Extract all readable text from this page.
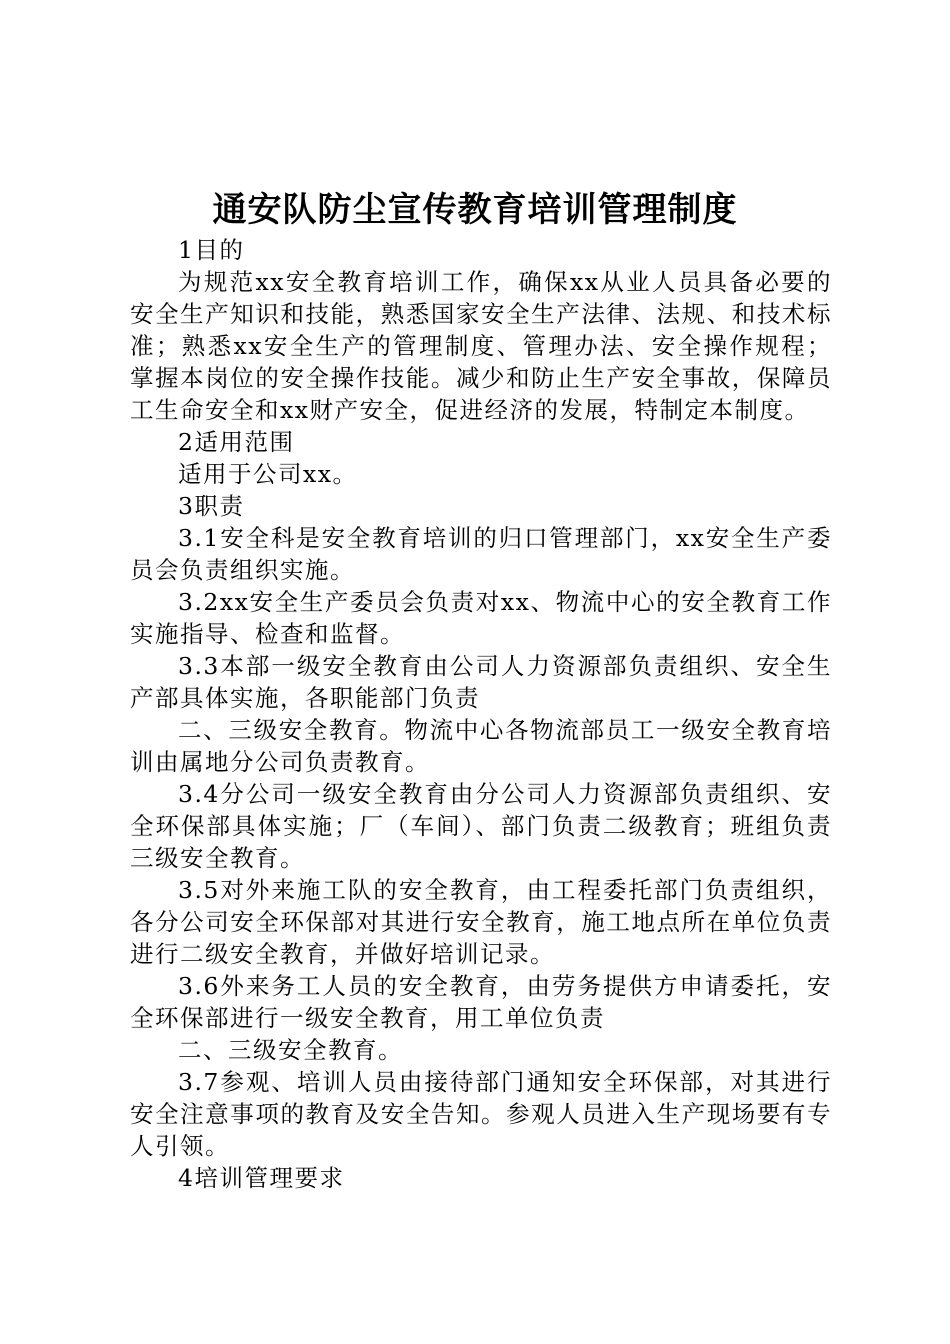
通安队防尘宣传教育培训管理制度

1目的

为规范xx安全教育培训工作，确保xx从业人员具备必要的安全生产知识和技能，熟悉国家安全生产法律、法规、和技术标准；熟悉xx安全生产的管理制度、管理办法、安全操作规程；掌握本岗位的安全操作技能。减少和防止生产安全事故，保障员工生命安全和xx财产安全，促进经济的发展，特制定本制度。

2适用范围

适用于公司xx。

3职责

3.1安全科是安全教育培训的归口管理部门，xx安全生产委员会负责组织实施。

3.2xx安全生产委员会负责对xx、物流中心的安全教育工作实施指导、检查和监督。

3.3本部一级安全教育由公司人力资源部负责组织、安全生产部具体实施，各职能部门负责

二、三级安全教育。物流中心各物流部员工一级安全教育培训由属地分公司负责教育。

3.4分公司一级安全教育由分公司人力资源部负责组织、安全环保部具体实施；厂（车间）、部门负责二级教育；班组负责三级安全教育。

3.5对外来施工队的安全教育，由工程委托部门负责组织，各分公司安全环保部对其进行安全教育，施工地点所在单位负责进行二级安全教育，并做好培训记录。

3.6外来务工人员的安全教育，由劳务提供方申请委托，安全环保部进行一级安全教育，用工单位负责

二、三级安全教育。

3.7参观、培训人员由接待部门通知安全环保部，对其进行安全注意事项的教育及安全告知。参观人员进入生产现场要有专人引领。

4培训管理要求
